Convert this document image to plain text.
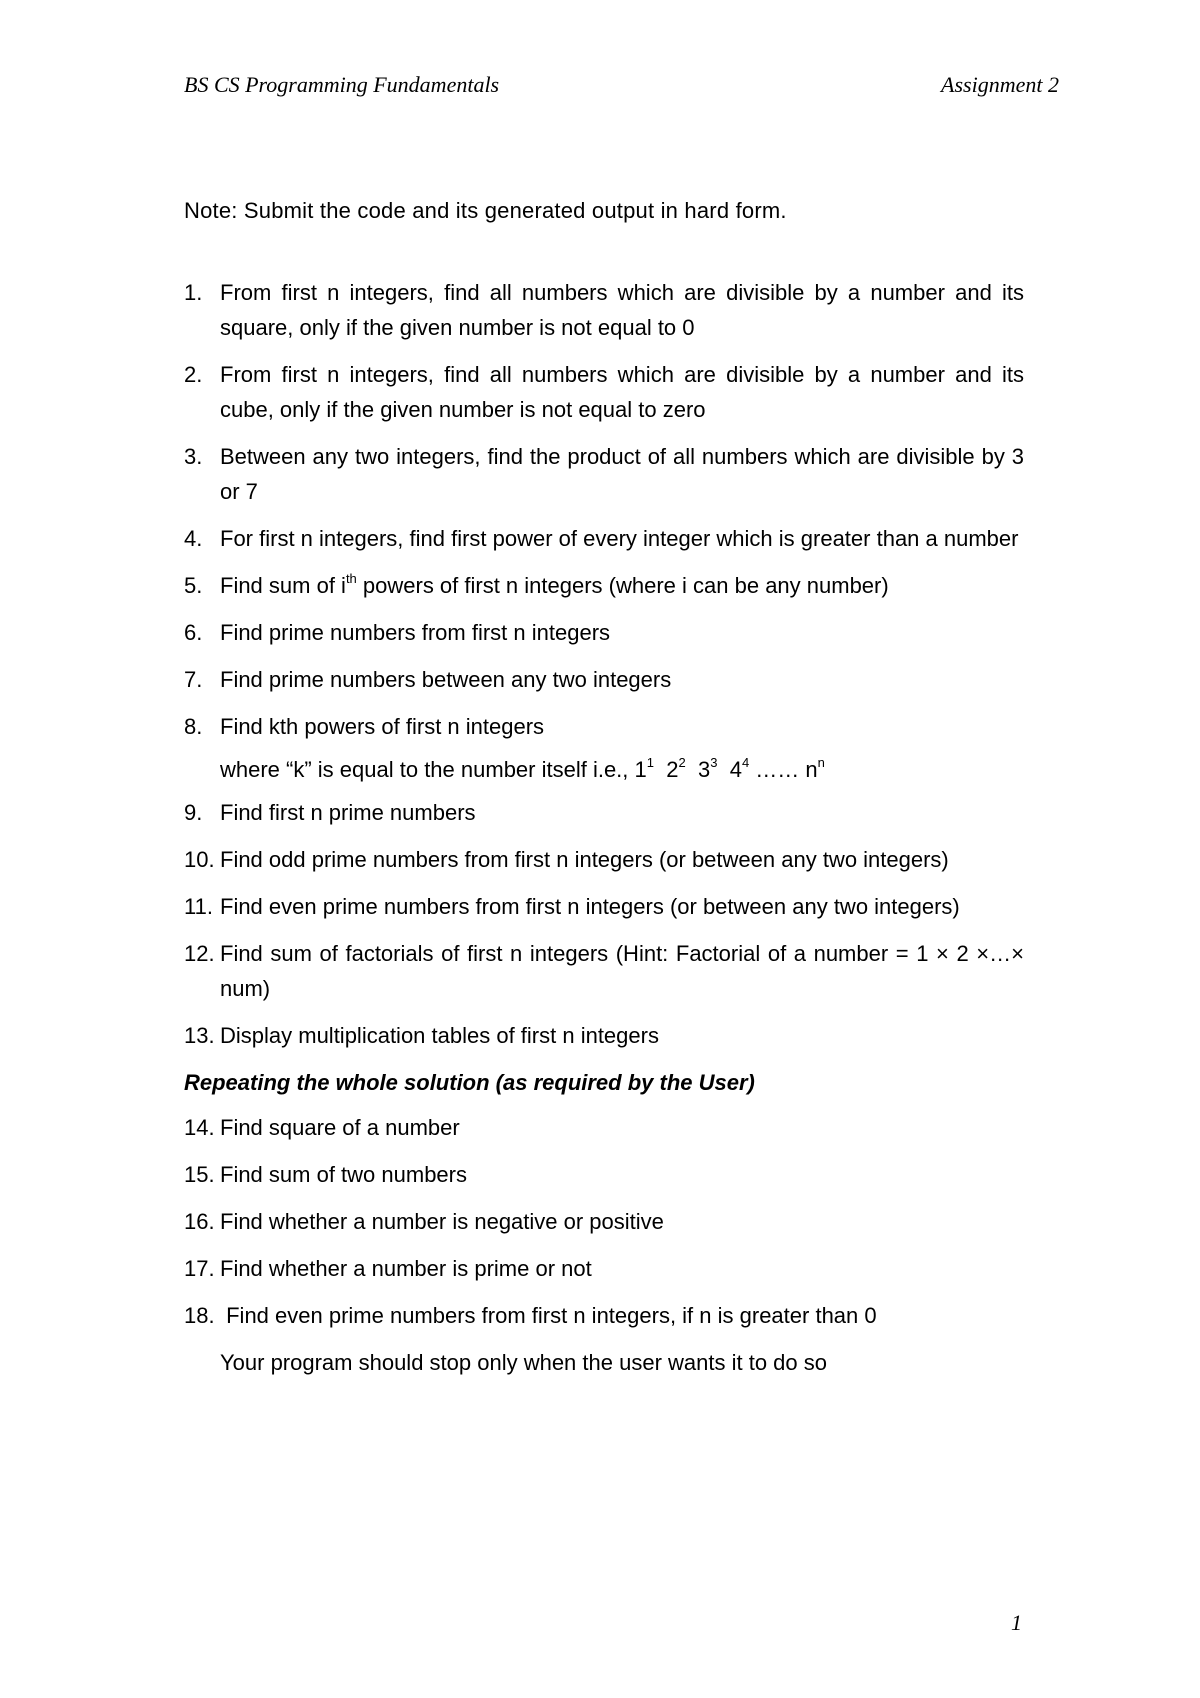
BS CS Programming Fundamentals	Assignment 2
Note: Submit the code and its generated output in hard form.
1. From first n integers, find all numbers which are divisible by a number and its square, only if the given number is not equal to 0
2. From first n integers, find all numbers which are divisible by a number and its cube, only if the given number is not equal to zero
3. Between any two integers, find the product of all numbers which are divisible by 3 or 7
4. For first n integers, find first power of every integer which is greater than a number
5. Find sum of $i^{th}$ powers of first n integers (where i can be any number)
6. Find prime numbers from first n integers
7. Find prime numbers between any two integers
8. Find kth powers of first n integers
where “k” is equal to the number itself i.e., $1^1$ $2^2$ $3^3$ $4^4$ …… $n^n$
9. Find first n prime numbers
10. Find odd prime numbers from first n integers (or between any two integers)
11. Find even prime numbers from first n integers (or between any two integers)
12. Find sum of factorials of first n integers (Hint: Factorial of a number = 1 × 2 ×…× num)
13. Display multiplication tables of first n integers
Repeating the whole solution (as required by the User)
14. Find square of a number
15. Find sum of two numbers
16. Find whether a number is negative or positive
17. Find whether a number is prime or not
18. Find even prime numbers from first n integers, if n is greater than 0
Your program should stop only when the user wants it to do so
1
